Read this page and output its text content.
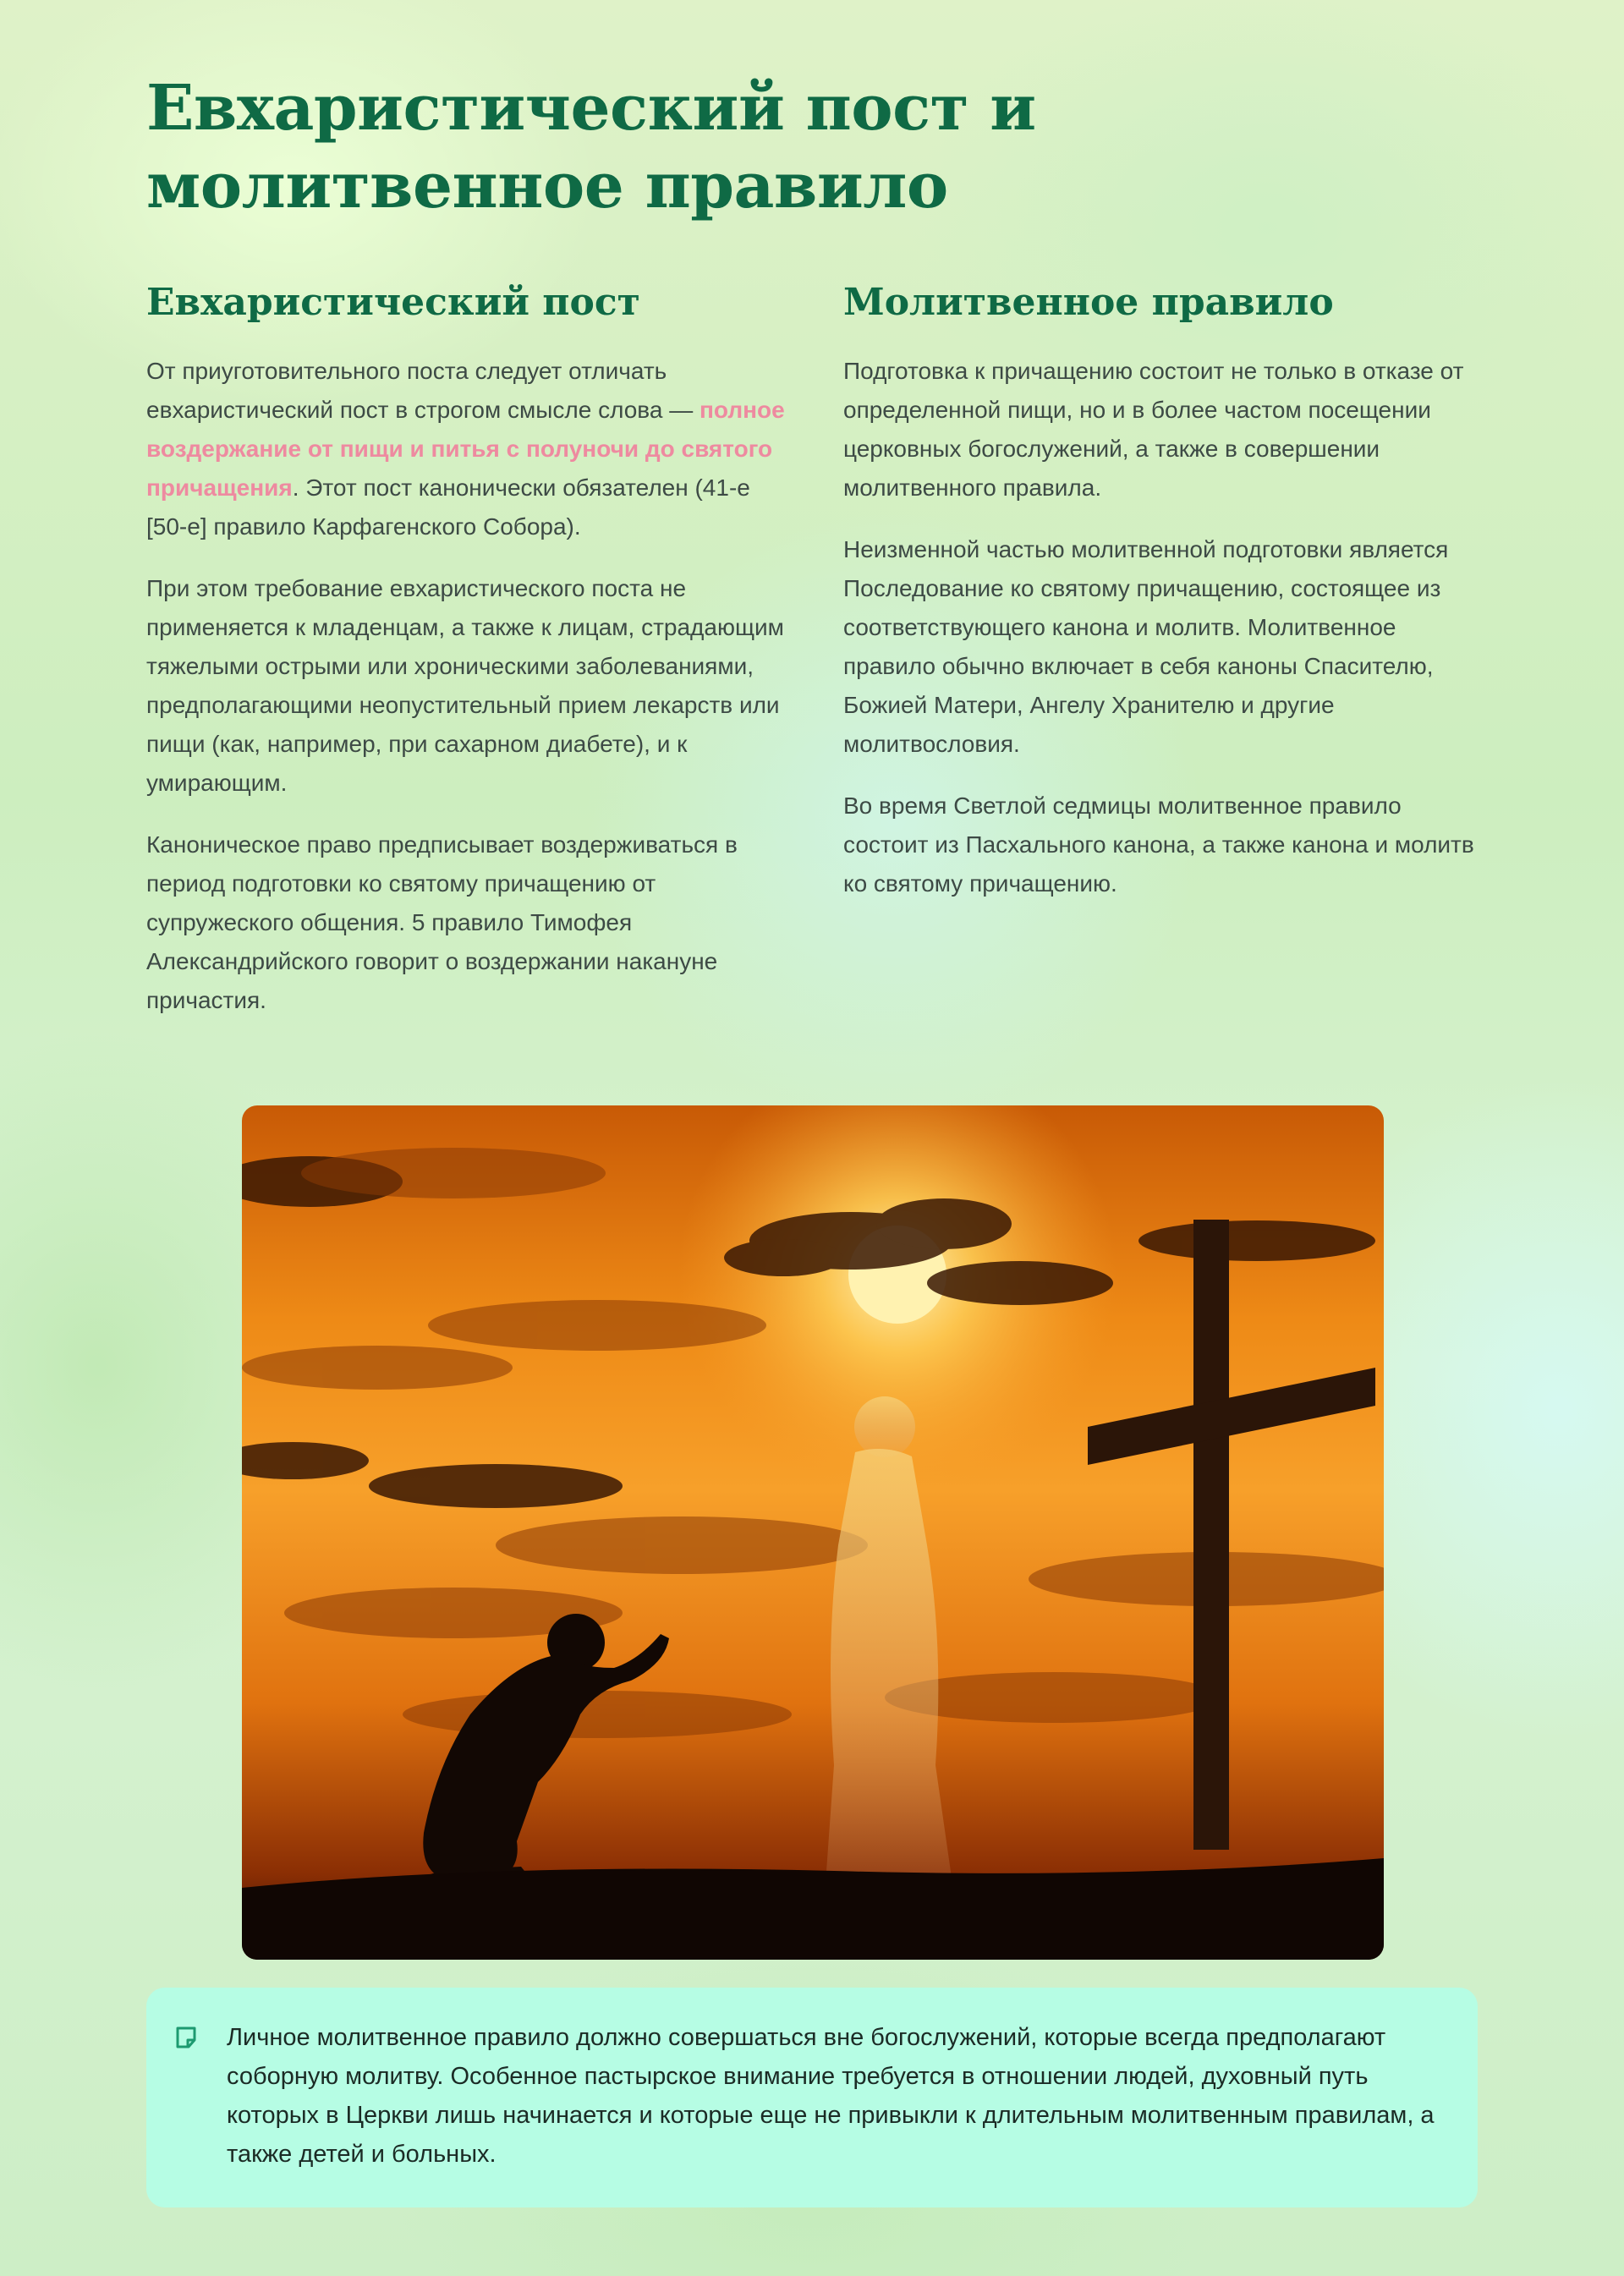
Евхаристический пост и молитвенное правило
Евхаристический пост

От приуготовительного поста следует отличать евхаристический пост в строгом смысле слова — полное воздержание от пищи и питья с полуночи до святого причащения. Этот пост канонически обязателен (41-е [50-е] правило Карфагенского Собора).

При этом требование евхаристического поста не применяется к младенцам, а также к лицам, страдающим тяжелыми острыми или хроническими заболеваниями, предполагающими неопустительный прием лекарств или пищи (как, например, при сахарном диабете), и к умирающим.

Каноническое право предписывает воздерживаться в период подготовки ко святому причащению от супружеского общения. 5 правило Тимофея Александрийского говорит о воздержании накануне причастия.

Молитвенное правило

Подготовка к причащению состоит не только в отказе от определенной пищи, но и в более частом посещении церковных богослужений, а также в совершении молитвенного правила.

Неизменной частью молитвенной подготовки является Последование ко святому причащению, состоящее из соответствующего канона и молитв. Молитвенное правило обычно включает в себя каноны Спасителю, Божией Матери, Ангелу Хранителю и другие молитвословия.

Во время Светлой седмицы молитвенное правило состоит из Пасхального канона, а также канона и молитв ко святому причащению.

Личное молитвенное правило должно совершаться вне богослужений, которые всегда предполагают соборную молитву. Особенное пастырское внимание требуется в отношении людей, духовный путь которых в Церкви лишь начинается и которые еще не привыкли к длительным молитвенным правилам, а также детей и больных.
